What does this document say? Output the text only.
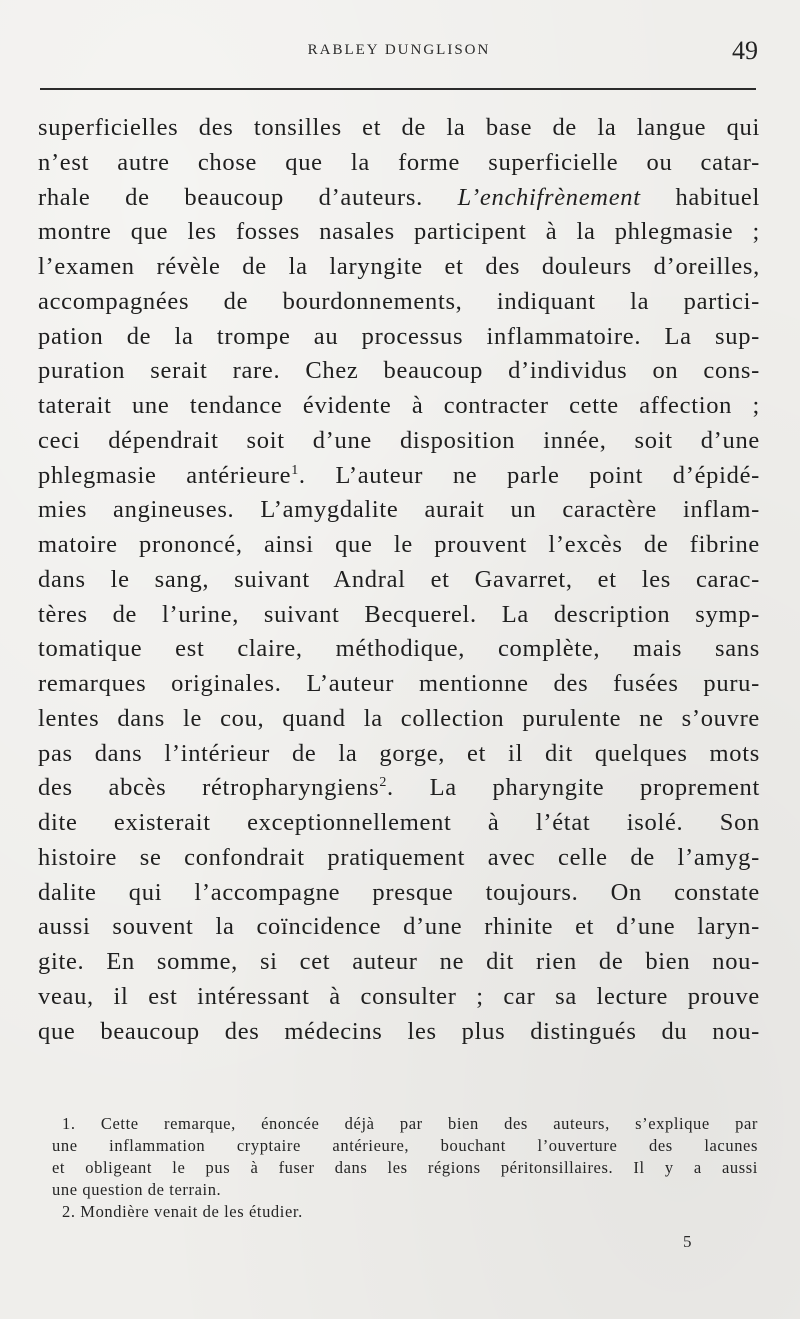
RABLEY DUNGLISON	49
superficielles des tonsilles et de la base de la langue qui
n’est autre chose que la forme superficielle ou catar-
rhale de beaucoup d’auteurs. L’enchifrènement habituel
montre que les fosses nasales participent à la phlegmasie ;
l’examen révèle de la laryngite et des douleurs d’oreilles,
accompagnées de bourdonnements, indiquant la partici-
pation de la trompe au processus inflammatoire. La sup-
puration serait rare. Chez beaucoup d’individus on cons-
taterait une tendance évidente à contracter cette affection ;
ceci dépendrait soit d’une disposition innée, soit d’une
phlegmasie antérieure$^1$. L’auteur ne parle point d’épidé-
mies angineuses. L’amygdalite aurait un caractère inflam-
matoire prononcé, ainsi que le prouvent l’excès de fibrine
dans le sang, suivant Andral et Gavarret, et les carac-
tères de l’urine, suivant Becquerel. La description symp-
tomatique est claire, méthodique, complète, mais sans
remarques originales. L’auteur mentionne des fusées puru-
lentes dans le cou, quand la collection purulente ne s’ouvre
pas dans l’intérieur de la gorge, et il dit quelques mots
des abcès rétropharyngiens$^2$. La pharyngite proprement
dite existerait exceptionnellement à l’état isolé. Son
histoire se confondrait pratiquement avec celle de l’amyg-
dalite qui l’accompagne presque toujours. On constate
aussi souvent la coïncidence d’une rhinite et d’une laryn-
gite. En somme, si cet auteur ne dit rien de bien nou-
veau, il est intéressant à consulter ; car sa lecture prouve
que beaucoup des médecins les plus distingués du nou-
1. Cette remarque, énoncée déjà par bien des auteurs, s’explique par
une inflammation cryptaire antérieure, bouchant l’ouverture des lacunes
et obligeant le pus à fuser dans les régions péritonsillaires. Il y a aussi
une question de terrain.
2. Mondière venait de les étudier.
5
